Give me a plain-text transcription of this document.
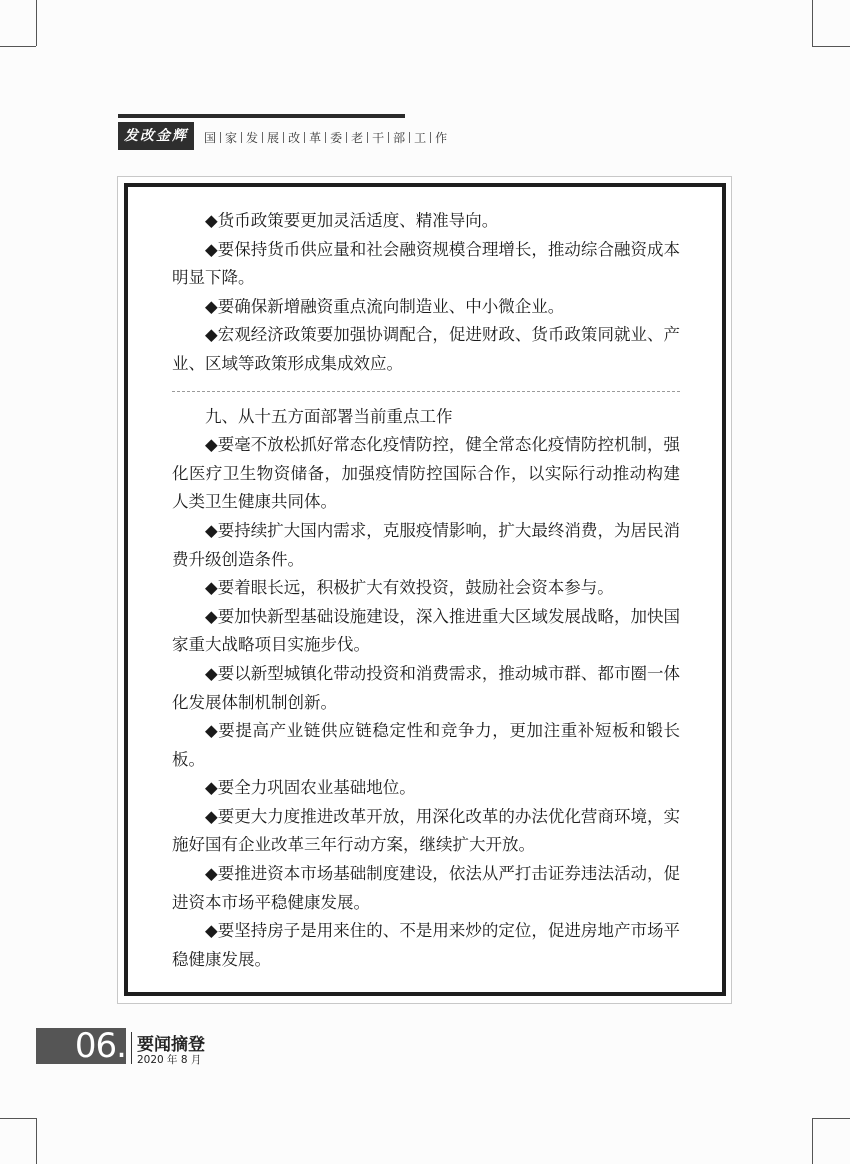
发改金辉	国 家 发 展 改 革 委 老 干 部 工 作

◆货币政策要更加灵活适度、精准导向。

◆要保持货币供应量和社会融资规模合理增长，推动综合融资成本明显下降。

◆要确保新增融资重点流向制造业、中小微企业。

◆宏观经济政策要加强协调配合，促进财政、货币政策同就业、产业、区域等政策形成集成效应。

九、从十五方面部署当前重点工作

◆要毫不放松抓好常态化疫情防控，健全常态化疫情防控机制，强化医疗卫生物资储备，加强疫情防控国际合作，以实际行动推动构建人类卫生健康共同体。

◆要持续扩大国内需求，克服疫情影响，扩大最终消费，为居民消费升级创造条件。

◆要着眼长远，积极扩大有效投资，鼓励社会资本参与。

◆要加快新型基础设施建设，深入推进重大区域发展战略，加快国家重大战略项目实施步伐。

◆要以新型城镇化带动投资和消费需求，推动城市群、都市圈一体化发展体制机制创新。

◆要提高产业链供应链稳定性和竞争力，更加注重补短板和锻长板。

◆要全力巩固农业基础地位。

◆要更大力度推进改革开放，用深化改革的办法优化营商环境，实施好国有企业改革三年行动方案，继续扩大开放。

◆要推进资本市场基础制度建设，依法从严打击证券违法活动，促进资本市场平稳健康发展。

◆要坚持房子是用来住的、不是用来炒的定位，促进房地产市场平稳健康发展。

06. 要闻摘登
2020 年 8 月
